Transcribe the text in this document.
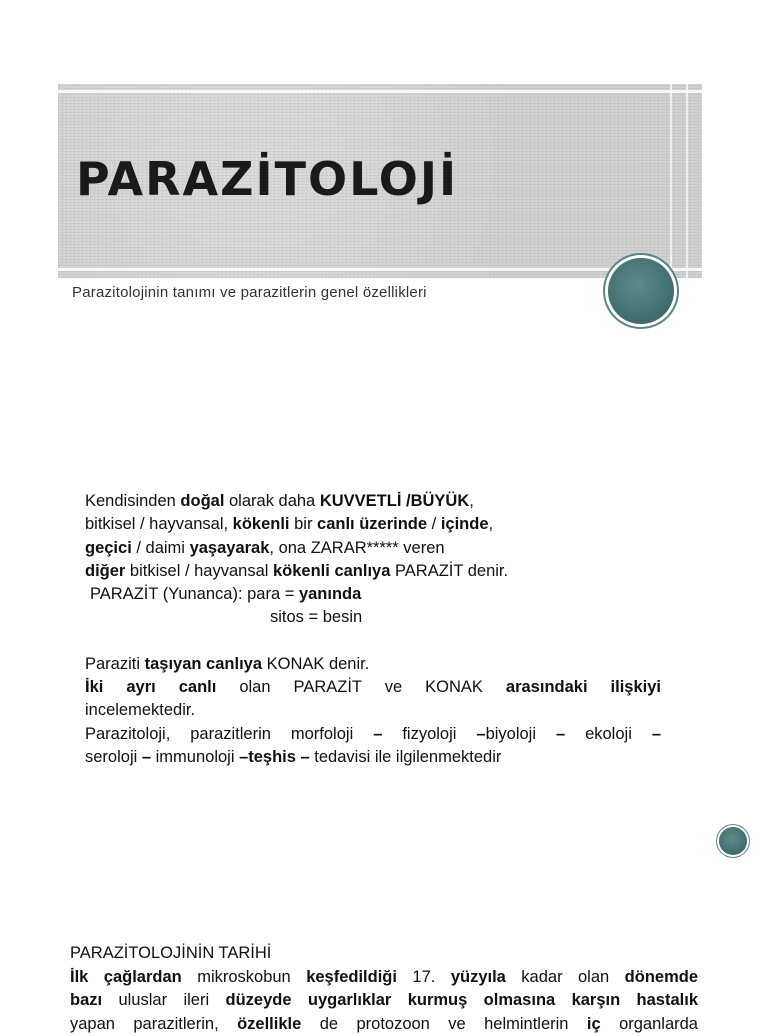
PARAZİTOLOJİ
Parazitolojinin tanımı ve parazitlerin genel özellikleri

Kendisinden doğal olarak daha KUVVETLİ /BÜYÜK,

bitkisel / hayvansal, kökenli bir canlı üzerinde / içinde,

geçici / daimi yaşayarak, ona ZARAR***** veren

diğer bitkisel / hayvansal kökenli canlıya PARAZİT denir.

PARAZİT (Yunanca): para = yanında

sitos = besin

Paraziti taşıyan canlıya KONAK denir.

İki ayrı canlı olan PARAZİT ve KONAK arasındaki ilişkiyi

incelemektedir.

Parazitoloji, parazitlerin morfoloji – fizyoloji –biyoloji – ekoloji –

seroloji – immunoloji –teşhis – tedavisi ile ilgilenmektedir

PARAZİTOLOJİNİN TARİHİ

İlk çağlardan mikroskobun keşfedildiği 17. yüzyıla kadar olan dönemde

bazı uluslar ileri düzeyde uygarlıklar kurmuş olmasına karşın hastalık

yapan parazitlerin, özellikle de protozoon ve helmintlerin iç organlarda
